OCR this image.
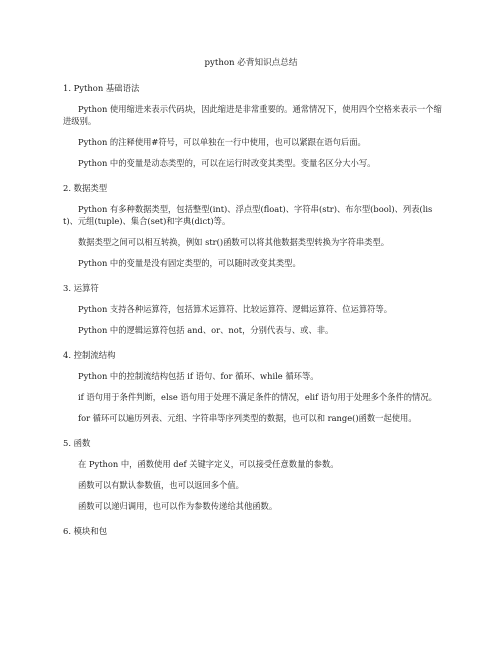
python 必背知识点总结
1. Python 基础语法

Python 使用缩进来表示代码块，因此缩进是非常重要的。通常情况下，使用四个空格来表示一个缩进级别。

Python 的注释使用#符号，可以单独在一行中使用，也可以紧跟在语句后面。

Python 中的变量是动态类型的，可以在运行时改变其类型。变量名区分大小写。

2. 数据类型

Python 有多种数据类型，包括整型(int)、浮点型(float)、字符串(str)、布尔型(bool)、列表(list)、元组(tuple)、集合(set)和字典(dict)等。

数据类型之间可以相互转换，例如 str()函数可以将其他数据类型转换为字符串类型。

Python 中的变量是没有固定类型的，可以随时改变其类型。

3. 运算符

Python 支持各种运算符，包括算术运算符、比较运算符、逻辑运算符、位运算符等。

Python 中的逻辑运算符包括 and、or、not，分别代表与、或、非。

4. 控制流结构

Python 中的控制流结构包括 if 语句、for 循环、while 循环等。

if 语句用于条件判断，else 语句用于处理不满足条件的情况，elif 语句用于处理多个条件的情况。

for 循环可以遍历列表、元组、字符串等序列类型的数据，也可以和 range()函数一起使用。

5. 函数

在 Python 中，函数使用 def 关键字定义，可以接受任意数量的参数。

函数可以有默认参数值，也可以返回多个值。

函数可以递归调用，也可以作为参数传递给其他函数。

6. 模块和包
